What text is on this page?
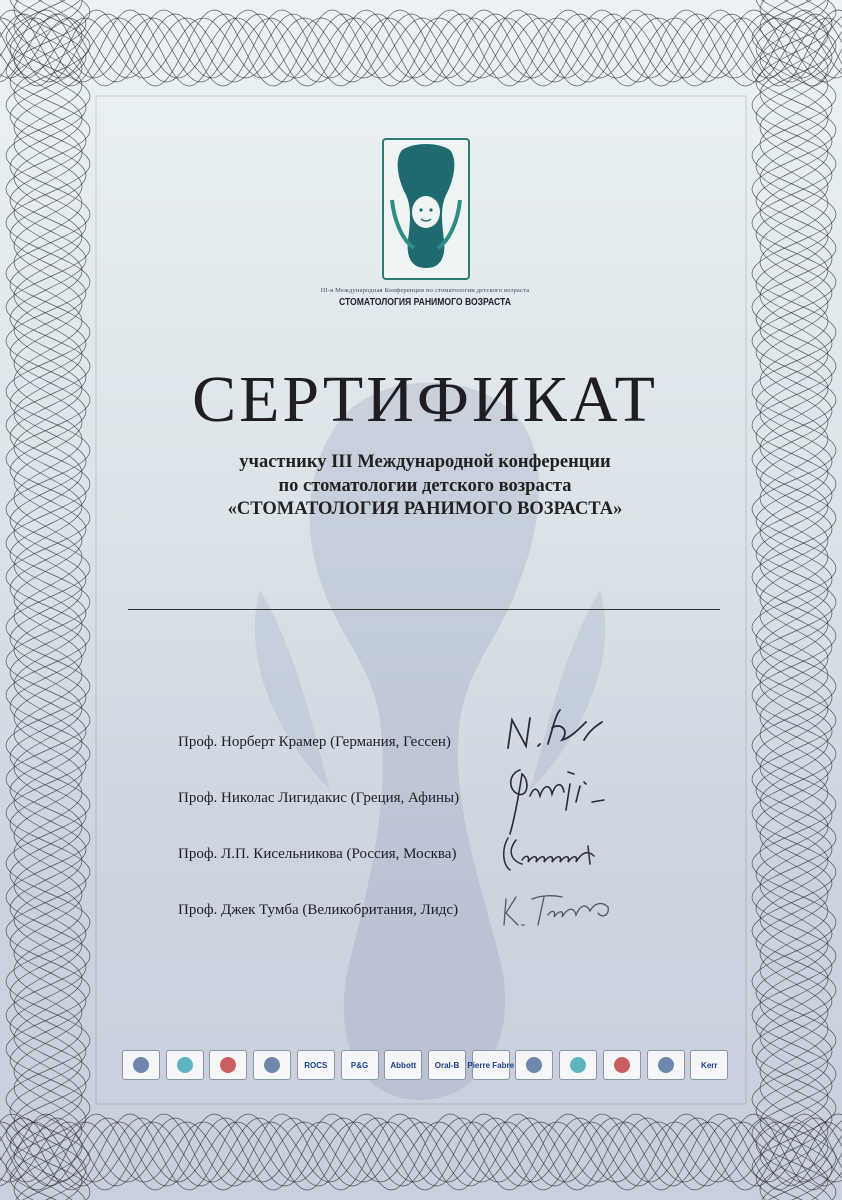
III-я Международная Конференция по стоматологии детского возраста
СТОМАТОЛОГИЯ РАНИМОГО ВОЗРАСТА
СЕРТИФИКАТ
участнику III Международной конференции
по стоматологии детского возраста
«СТОМАТОЛОГИЯ РАНИМОГО ВОЗРАСТА»
Проф. Норберт Крамер (Германия, Гессен)
Проф. Николас Лигидакис (Греция, Афины)
Проф. Л.П. Кисельникова (Россия, Москва)
Проф. Джек Тумба (Великобритания, Лидс)
ROCS	P&G	Abbott Oral-B Pierre Fabre	Kerr
